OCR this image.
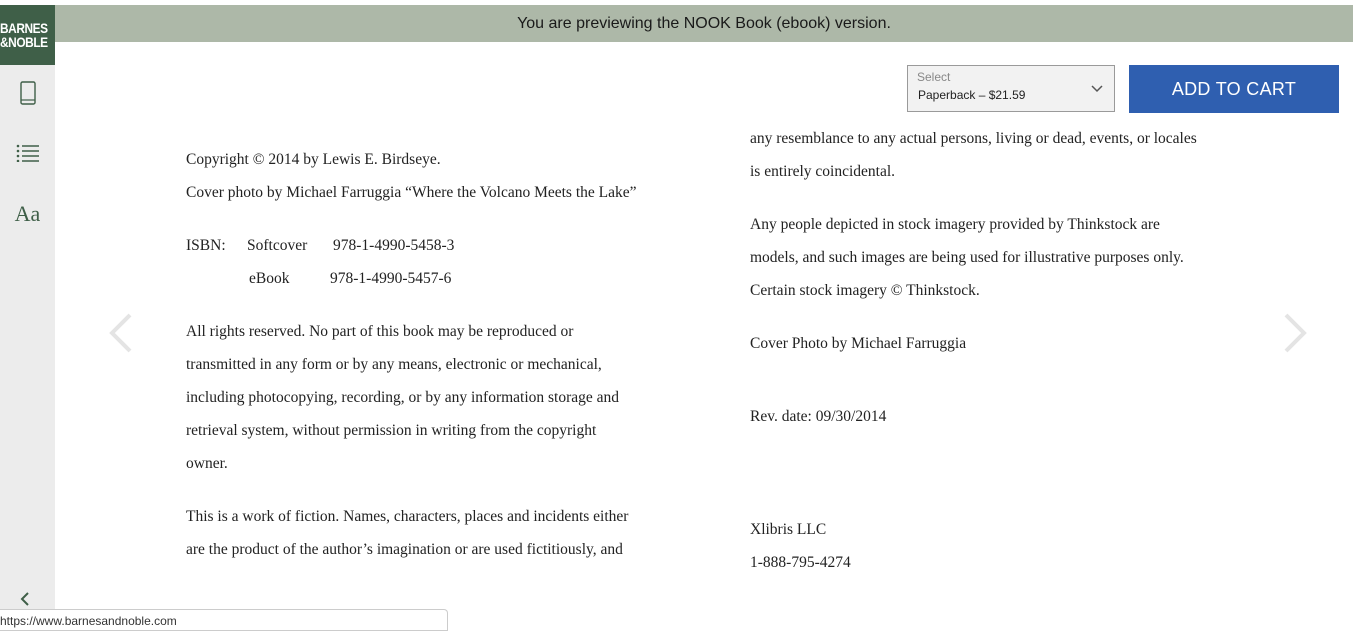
You are previewing the NOOK Book (ebook) version.
BARNES
&NOBLE
Aa
Select
Paperback – $21.59	ADD TO CART

Copyright © 2014 by Lewis E. Birdseye.

Cover photo by Michael Farruggia “Where the Volcano Meets the Lake”

ISBN:	Softcover	978-1-4990-5458-3
eBook	978-1-4990-5457-6

All rights reserved. No part of this book may be reproduced or

transmitted in any form or by any means, electronic or mechanical,

including photocopying, recording, or by any information storage and

retrieval system, without permission in writing from the copyright

owner.

This is a work of fiction. Names, characters, places and incidents either

are the product of the author’s imagination or are used fictitiously, and

any resemblance to any actual persons, living or dead, events, or locales

is entirely coincidental.

Any people depicted in stock imagery provided by Thinkstock are

models, and such images are being used for illustrative purposes only.

Certain stock imagery © Thinkstock.

Cover Photo by Michael Farruggia

Rev. date: 09/30/2014

Xlibris LLC

1-888-795-4274

https://www.barnesandnoble.com
